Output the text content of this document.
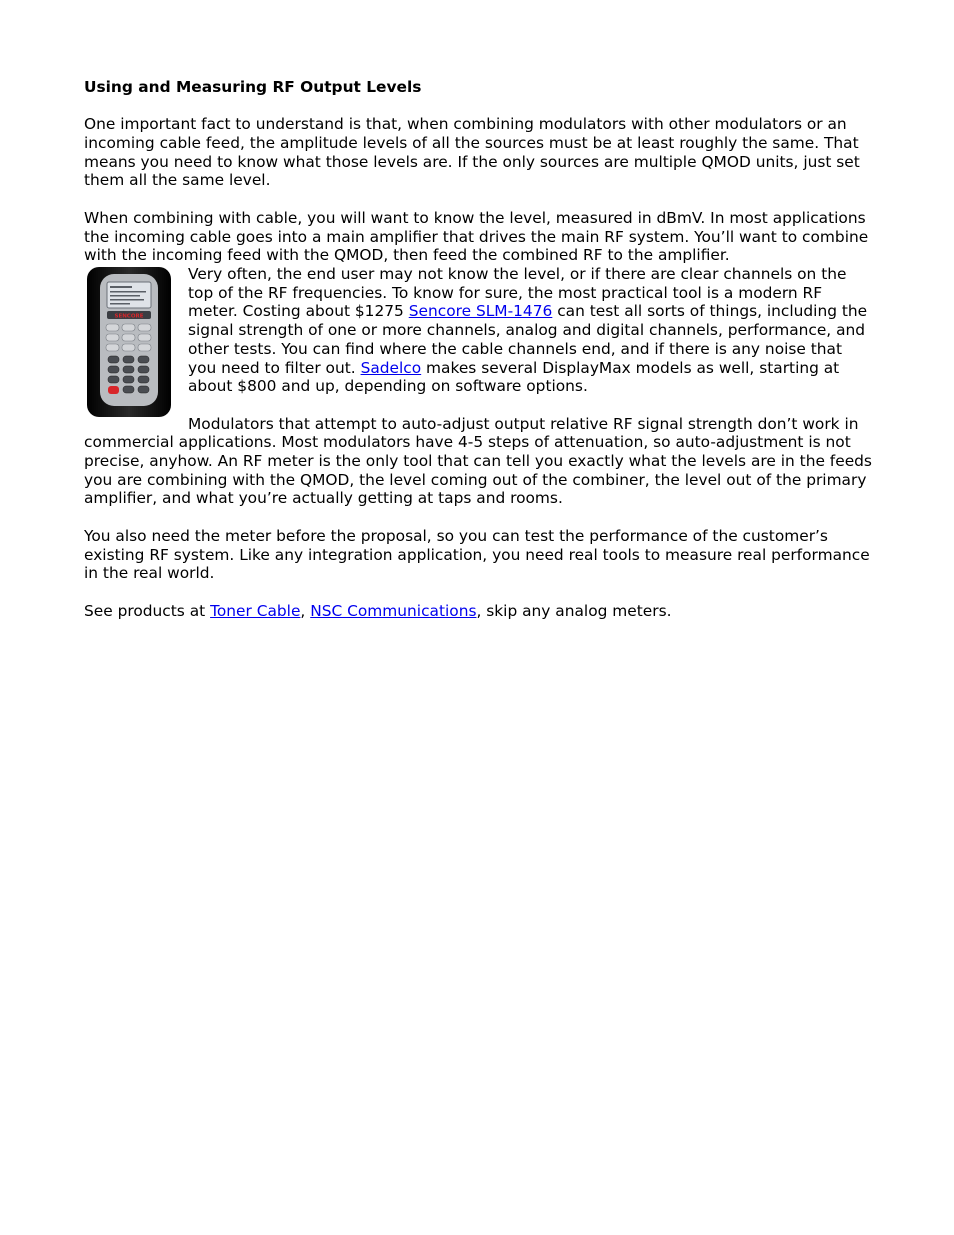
Using and Measuring RF Output Levels

One important fact to understand is that, when combining modulators with other modulators or an incoming cable feed, the amplitude levels of all the sources must be at least roughly the same. That means you need to know what those levels are. If the only sources are multiple QMOD units, just set them all the same level.

When combining with cable, you will want to know the level, measured in dBmV. In most applications the incoming cable goes into a main amplifier that drives the main RF system. You’ll want to combine with the incoming feed with the QMOD, then feed the combined RF to the amplifier.

SENCORE

Very often, the end user may not know the level, or if there are clear channels on the top of the RF frequencies. To know for sure, the most practical tool is a modern RF meter. Costing about $1275 Sencore SLM-1476 can test all sorts of things, including the signal strength of one or more channels, analog and digital channels, performance, and other tests. You can find where the cable channels end, and if there is any noise that you need to filter out. Sadelco makes several DisplayMax models as well, starting at about $800 and up, depending on software options.

Modulators that attempt to auto-adjust output relative RF signal strength don’t work in commercial applications. Most modulators have 4-5 steps of attenuation, so auto-adjustment is not precise, anyhow. An RF meter is the only tool that can tell you exactly what the levels are in the feeds you are combining with the QMOD, the level coming out of the combiner, the level out of the primary amplifier, and what you’re actually getting at taps and rooms.

You also need the meter before the proposal, so you can test the performance of the customer’s existing RF system. Like any integration application, you need real tools to measure real performance in the real world.

See products at Toner Cable, NSC Communications, skip any analog meters.
